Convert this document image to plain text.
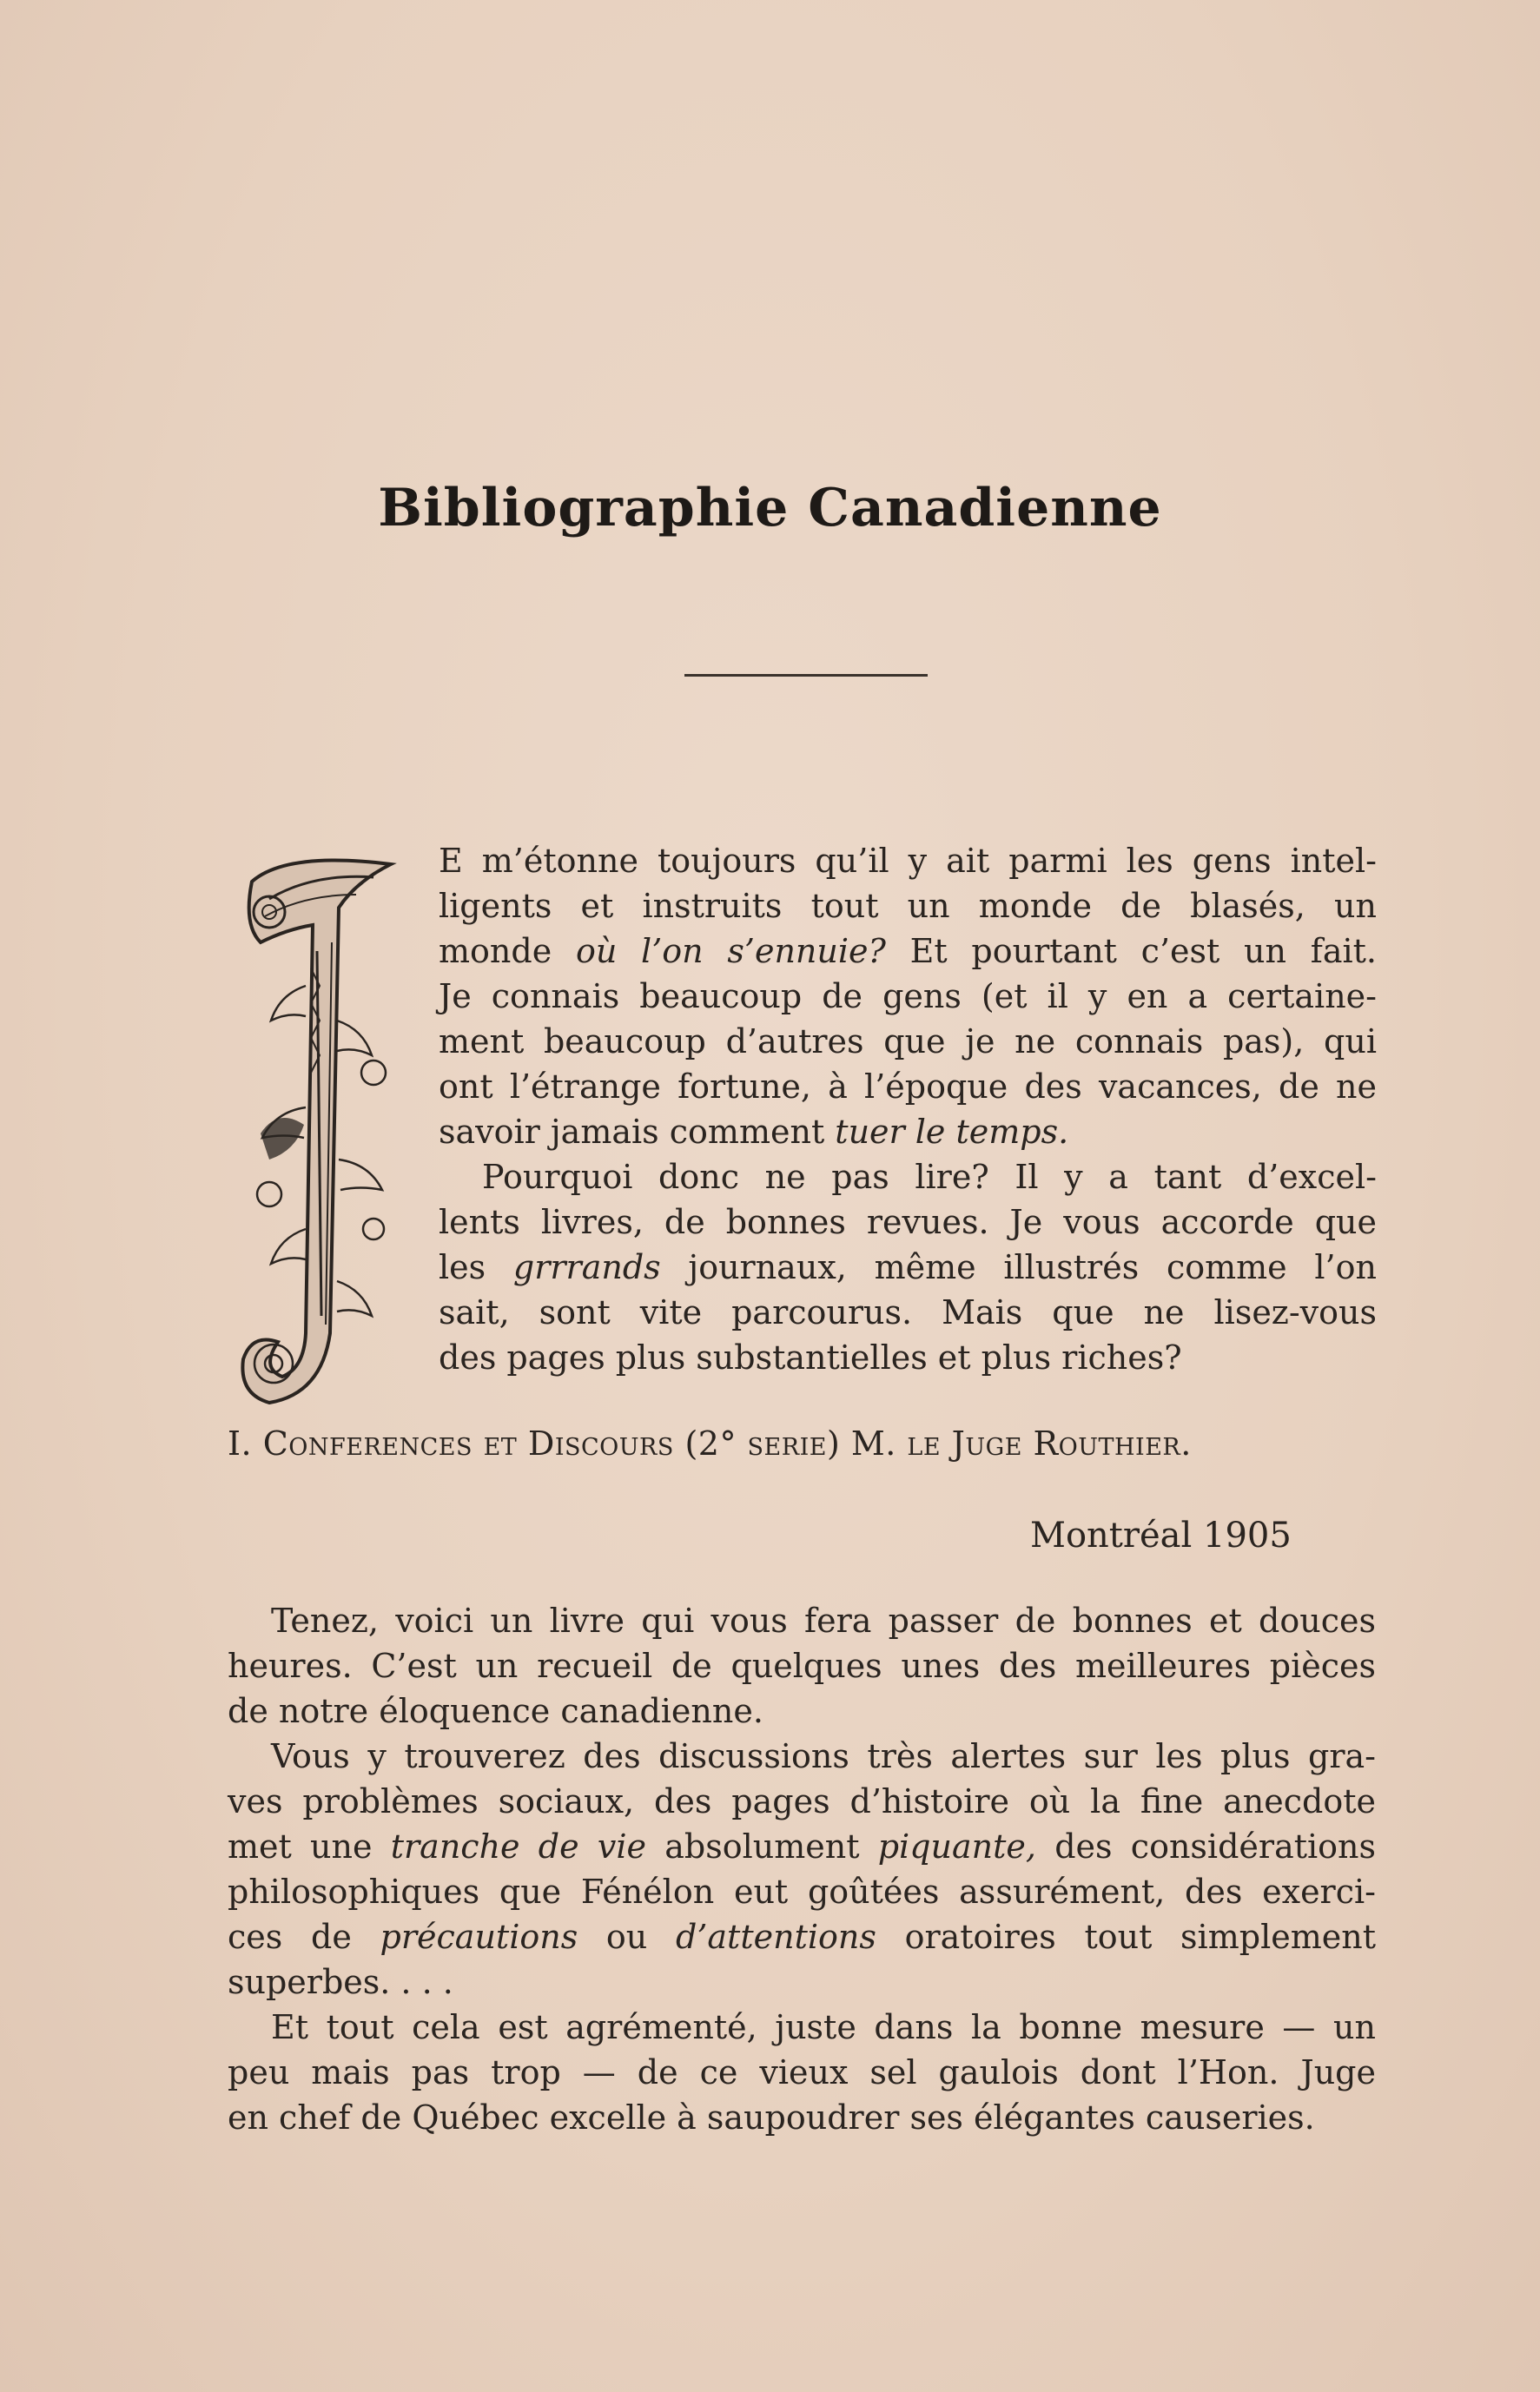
Bibliographie Canadienne
E m’étonne toujours qu’il y ait parmi les gens intel-
ligents et instruits tout un monde de blasés, un
monde où l’on s’ennuie? Et pourtant c’est un fait.
Je connais beaucoup de gens (et il y en a certaine-
ment beaucoup d’autres que je ne connais pas), qui
ont l’étrange fortune, à l’époque des vacances, de ne
savoir jamais comment tuer le temps.
Pourquoi donc ne pas lire? Il y a tant d’excel-
lents livres, de bonnes revues. Je vous accorde que
les grrrands journaux, même illustrés comme l’on
sait, sont vite parcourus. Mais que ne lisez-vous
des pages plus substantielles et plus riches?
I. Conferences et Discours (2° serie) M. le Juge Routhier.
Montréal 1905
Tenez, voici un livre qui vous fera passer de bonnes et douces
heures. C’est un recueil de quelques unes des meilleures pièces
de notre éloquence canadienne.
Vous y trouverez des discussions très alertes sur les plus gra-
ves problèmes sociaux, des pages d’histoire où la fine anecdote
met une tranche de vie absolument piquante, des considérations
philosophiques que Fénélon eut goûtées assurément, des exerci-
ces de précautions ou d’attentions oratoires tout simplement
superbes. . . .
Et tout cela est agrémenté, juste dans la bonne mesure — un
peu mais pas trop — de ce vieux sel gaulois dont l’Hon. Juge
en chef de Québec excelle à saupoudrer ses élégantes causeries.
